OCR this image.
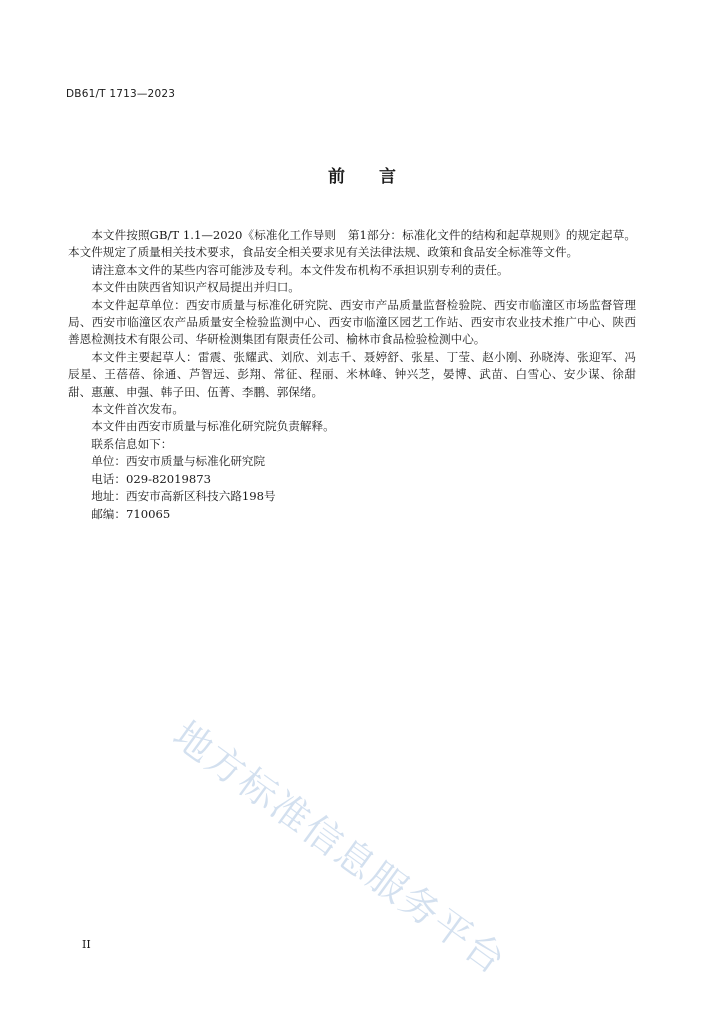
DB61/T 1713—2023
前言

本文件按照GB/T 1.1—2020《标准化工作导则　第1部分：标准化文件的结构和起草规则》的规定起草。本文件规定了质量相关技术要求，食品安全相关要求见有关法律法规、政策和食品安全标准等文件。

请注意本文件的某些内容可能涉及专利。本文件发布机构不承担识别专利的责任。

本文件由陕西省知识产权局提出并归口。

本文件起草单位：西安市质量与标准化研究院、西安市产品质量监督检验院、西安市临潼区市场监督管理局、西安市临潼区农产品质量安全检验监测中心、西安市临潼区园艺工作站、西安市农业技术推广中心、陕西善恩检测技术有限公司、华研检测集团有限责任公司、榆林市食品检验检测中心。

本文件主要起草人：雷震、张耀武、刘欣、刘志千、聂婷舒、张星、丁莹、赵小刚、孙晓涛、张迎军、冯辰星、王蓓蓓、徐通、芦智远、彭翔、常征、程丽、米林峰、钟兴芝，晏博、武苗、白雪心、安少谋、徐甜甜、惠蕙、申强、韩子田、伍菁、李鹏、郭保绪。

本文件首次发布。

本文件由西安市质量与标准化研究院负责解释。

联系信息如下：

单位：西安市质量与标准化研究院

电话：029-82019873

地址：西安市高新区科技六路198号

邮编：710065

地方标准信息服务平台
II
